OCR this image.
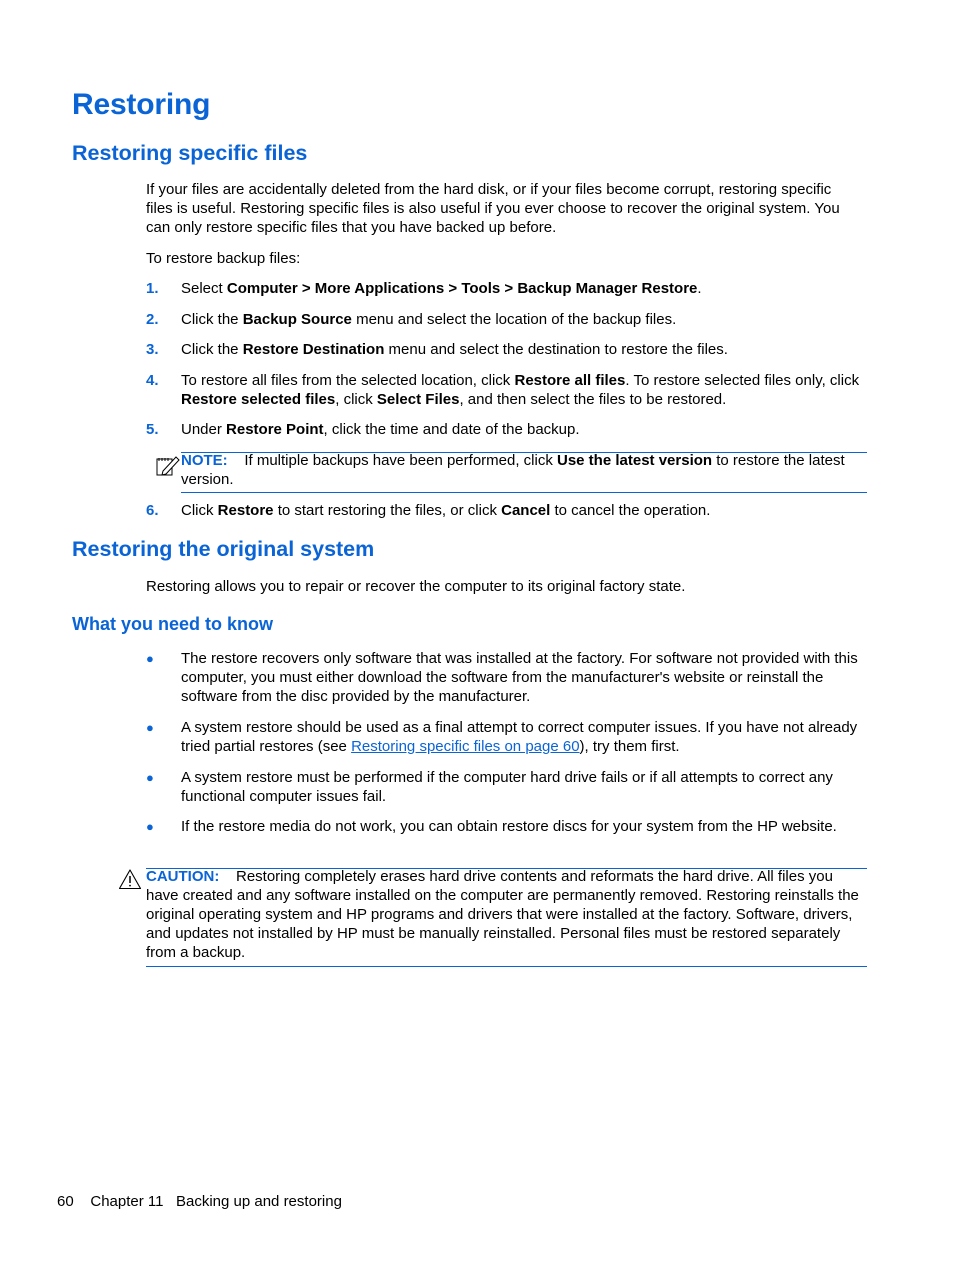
Restoring
Restoring specific files

If your files are accidentally deleted from the hard disk, or if your files become corrupt, restoring specific files is useful. Restoring specific files is also useful if you ever choose to recover the original system. You can only restore specific files that you have backed up before.

To restore backup files:

1. Select Computer > More Applications > Tools > Backup Manager Restore.
2. Click the Backup Source menu and select the location of the backup files.
3. Click the Restore Destination menu and select the destination to restore the files.
4. To restore all files from the selected location, click Restore all files. To restore selected files only, click Restore selected files, click Select Files, and then select the files to be restored.
5. Under Restore Point, click the time and date of the backup.
NOTE: If multiple backups have been performed, click Use the latest version to restore the latest version.
6. Click Restore to start restoring the files, or click Cancel to cancel the operation.
Restoring the original system

Restoring allows you to repair or recover the computer to its original factory state.

What you need to know
● The restore recovers only software that was installed at the factory. For software not provided with this computer, you must either download the software from the manufacturer's website or reinstall the software from the disc provided by the manufacturer.
● A system restore should be used as a final attempt to correct computer issues. If you have not already tried partial restores (see Restoring specific files on page 60), try them first.
● A system restore must be performed if the computer hard drive fails or if all attempts to correct any functional computer issues fail.
● If the restore media do not work, you can obtain restore discs for your system from the HP website.
CAUTION: Restoring completely erases hard drive contents and reformats the hard drive. All files you have created and any software installed on the computer are permanently removed. Restoring reinstalls the original operating system and HP programs and drivers that were installed at the factory. Software, drivers, and updates not installed by HP must be manually reinstalled. Personal files must be restored separately from a backup.
60 Chapter 11 Backing up and restoring
